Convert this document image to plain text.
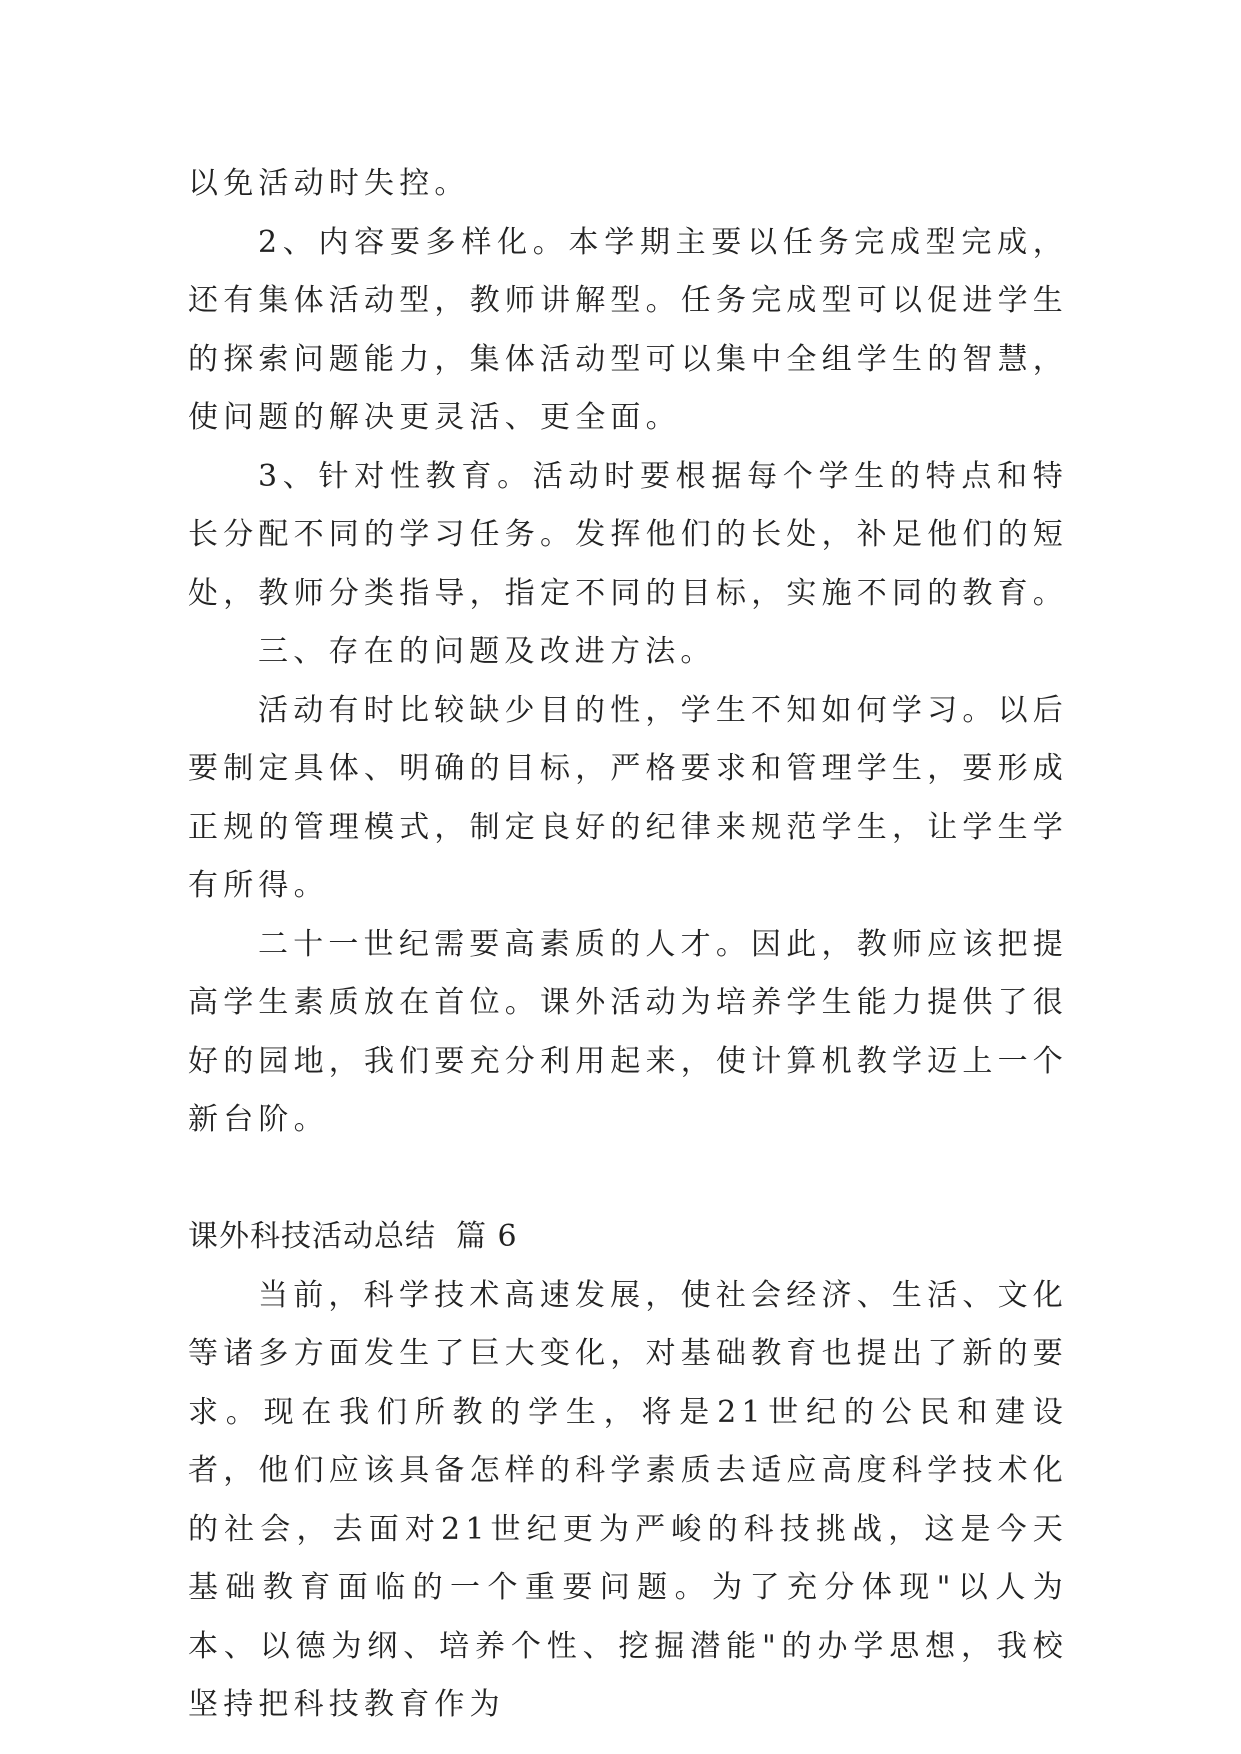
以免活动时失控。

2、内容要多样化。本学期主要以任务完成型完成，还有集体活动型，教师讲解型。任务完成型可以促进学生的探索问题能力，集体活动型可以集中全组学生的智慧，使问题的解决更灵活、更全面。

3、针对性教育。活动时要根据每个学生的特点和特长分配不同的学习任务。发挥他们的长处，补足他们的短处，教师分类指导，指定不同的目标，实施不同的教育。

三、存在的问题及改进方法。

活动有时比较缺少目的性，学生不知如何学习。以后要制定具体、明确的目标，严格要求和管理学生，要形成正规的管理模式，制定良好的纪律来规范学生，让学生学有所得。

二十一世纪需要高素质的人才。因此，教师应该把提高学生素质放在首位。课外活动为培养学生能力提供了很好的园地，我们要充分利用起来，使计算机教学迈上一个新台阶。

课外科技活动总结 篇 6

当前，科学技术高速发展，使社会经济、生活、文化等诸多方面发生了巨大变化，对基础教育也提出了新的要求。现在我们所教的学生，将是21世纪的公民和建设者，他们应该具备怎样的科学素质去适应高度科学技术化的社会，去面对21世纪更为严峻的科技挑战，这是今天基础教育面临的一个重要问题。为了充分体现"以人为本、以德为纲、培养个性、挖掘潜能"的办学思想，我校坚持把科技教育作为
